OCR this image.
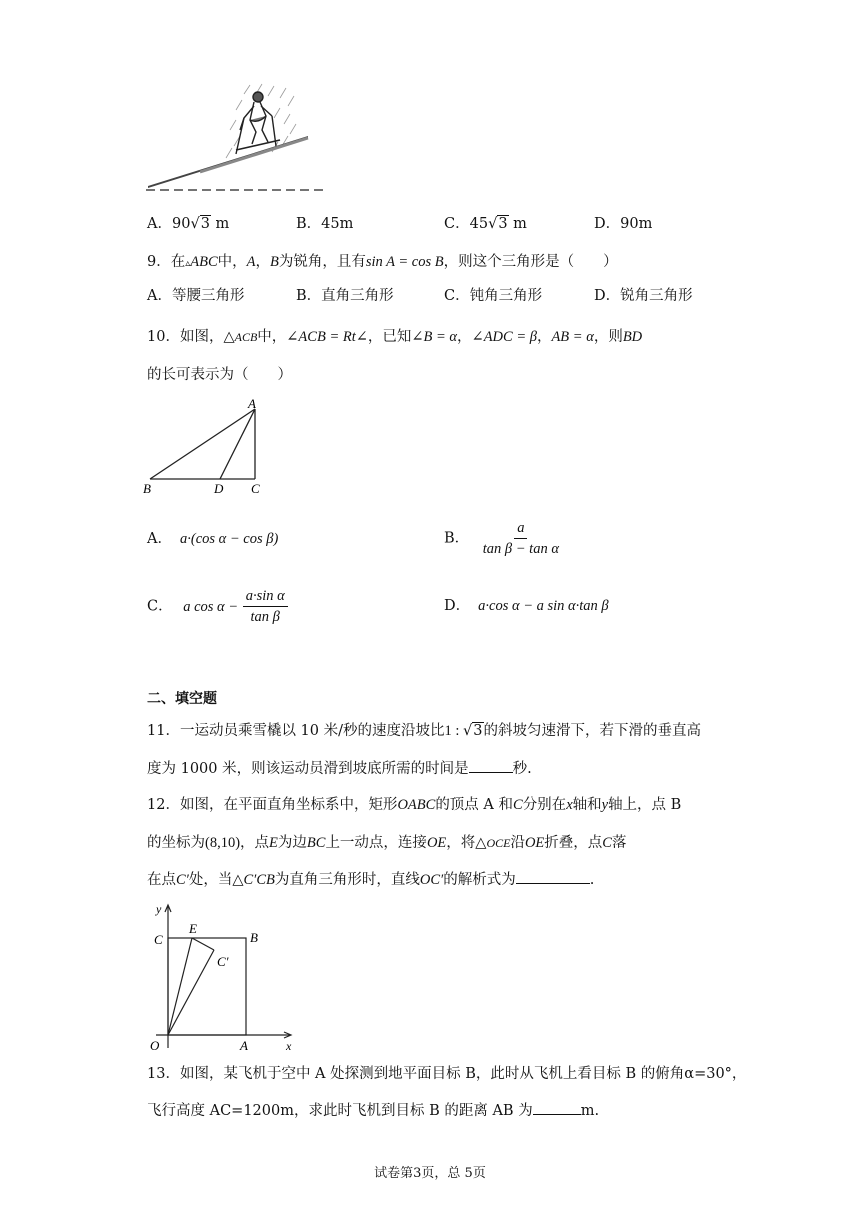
A．90√ 3 m	B．45m	C．45√ 3 m	D．90m
9．在▵ABC中，A，B为锐角，且有sin A = cos B，则这个三角形是（　　）
A．等腰三角形	B．直角三角形	C．钝角三角形	D．锐角三角形
10．如图，△ACB中，∠ACB = Rt∠，已知∠B = α，∠ADC = β，AB = α，则BD
的长可表示为（　　）
A
B	D C
A． a·(cos α − cos β)	B． $\frac{a}{\text{tan β − tan α}}$
C． a $\cos \alpha - \frac{\text{a·sin α}}{\text{tan β}}$	D． a·cos α − a sin α·tan β
二、填空题
11．一运动员乘雪橇以 10 米/秒的速度沿坡比1 : √ 3 的斜坡匀速滑下，若下滑的垂直高
度为 1000 米，则该运动员滑到坡底所需的时间是	秒.
12．如图，在平面直角坐标系中，矩形OABC的顶点 A 和C分别在x轴和y轴上，点 B
的坐标为(8,10)，点E为边BC上一动点，连接OE，将△OCE沿OE折叠，点C落
在点C′处，当△C′CB为直角三角形时，直线OC′的解析式为	.
y
C
E
B
C′
O	A	x
13．如图，某飞机于空中 A 处探测到地平面目标 B，此时从飞机上看目标 B 的俯角α=30°，
飞行高度 AC=1200m，求此时飞机到目标 B 的距离 AB 为	m.
试卷第3页，总 5页
